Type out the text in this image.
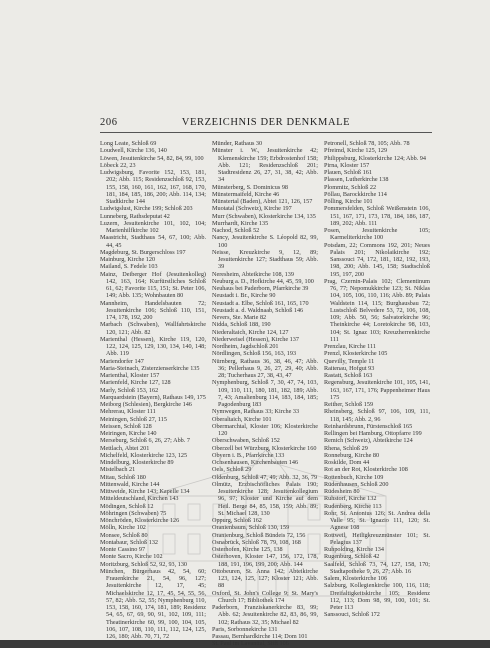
206	VERZEICHNIS DER DENKMALE

Long Leate, Schloß 69

Loudwell, Kirche 136, 140

Löwen, Jesuitenkirche 54, 82, 84, 99, 100

Löbeck 22, 23

Ludwigsburg, Favorite 152, 153, 181, 202; Abb. 115; Residenzschloß 92, 153, 155, 158, 160, 161, 162, 167, 168, 170, 181, 184, 185, 186, 200; Abb. 114, 134; Stadtkirche 144

Ludwigslust, Kirche 199; Schloß 203

Lunneberg, Rathsdeputat 42

Luzern, Jesuitenkirche 101, 102, 104; Marienhilfkirche 102

Maastricht, Stadthaus 54, 67, 100; Abb. 44, 45

Magdeburg, St. Burgerschloss 197

Mainburg, Kirche 120

Mailand, S. Fedele 103

Mainz, Deiberger Hof (Jesuitenkolleg) 142, 163, 164; Kurfürstliches Schloß 61, 62; Favorite 115, 151; St. Peter 106, 149; Abb. 135; Wohnbauten 80

Mannheim, Handelsbauten 72; Jesuitenkirche 106; Schloß 110, 151, 174, 178, 192, 200

Marbach (Schwaben), Wallfahrtskirche 120, 121; Abb. 82

Marienthal (Hessen), Kirche 119, 120, 122, 124, 125, 129, 130, 134, 140, 148; Abb. 119

Mariendorfer 147

Maria-Steinach, Zisterzienserkirche 135

Marienthal, Kloster 157

Marienfeld, Kirche 127, 128

Marly, Schloß 153, 162

Marquardstein (Bayern), Rathaus 149, 175

Meiborg (Schlesien), Bergkirche 146

Mehrerau, Kloster 111

Meiningen, Schloß 27, 115

Meissen, Schloß 128

Meiringen, Kirche 140

Merseburg, Schloß 6, 26, 27; Abb. 7

Mettlach, Abtei 201

Michelfeld, Klosterkirche 123, 125

Mindelburg, Klosterkirche 89

Mistelbach 21

Mitau, Schloß 180

Mittenwald, Kirche 144

Mittweide, Kirche 143; Kapelle 134

Mitteldeutschland, Kirchen 143

Mödingen, Schloß 12

Möhringen (Schwaben) 75

Mönchröden, Klosterkirche 126

Mölln, Kirche 102

Monsee, Schloß 80

Montabaur, Schloß 132

Monte Cassino 97

Monte Sacro, Kirche 102

Moritzburg, Schloß 52, 92, 93, 130

München, Bürgerhaus 42, 54, 60; Frauenkirche 21, 54, 96, 127; Jesuitenkirche 12, 17, 45; Michaelskirche 12, 17, 45, 54, 55, 56, 57, 82; Abb. 52, 55; Nymphenburg 110, 153, 158, 160, 174, 181, 189; Residenz 54, 65, 67, 69, 90, 91, 102, 109, 111; Theatinerkirche 60, 99, 100, 104, 105, 106, 107, 108, 110, 111, 112, 124, 125, 126, 180; Abb. 70, 71, 72

Münder, Rathaus 30

Münster i. W., Jesuitenkirche 42; Klemenskirche 159; Erbdrostenhof 158; Abb. 121; Residenzschloß 201; Stadtresidenz 26, 27, 31, 38, 42; Abb. 34

Münsterberg, S. Dominicus 98

Münstermaifeld, Kirche 46

Münstertal (Baden), Abtei 121, 126, 157

Muotatal (Schweiz), Kirche 197

Murr (Schwaben), Klosterkirche 134, 135

Murrhardt, Kirche 135

Nachod, Schloß 52

Nancy, Jesuitenkirche S. Léopold 82, 99, 100

Neisse, Kreuzkirche 9, 12, 89; Jesuitenkirche 127; Stadthaus 59; Abb. 39

Neresheim, Abteikirche 108, 139

Neuburg a. D., Hofkirche 44, 45, 59, 100

Neuhaus bei Paderborn, Pfarrkirche 39

Neustadt i. Br., Kirche 90

Neustadt a. Elbe, Schloß 161, 165, 170

Neustadt a. d. Waldnaab, Schloß 146

Nevers, Ste. Marie 82

Nidda, Schloß 188, 190

Niederaltaich, Kirche 124, 127

Niederweisel (Hessen), Kirche 137

Nordheim, Jagdschloß 201

Nördlingen, Schloß 156, 163, 193

Nürnberg, Rathaus 36, 38, 46, 47; Abb. 36; Pellerhaus 9, 26, 27, 29, 40; Abb. 28; Tucherhaus 27, 38, 43, 47

Nymphenburg, Schloß 7, 30, 47, 74, 103, 109, 110, 111, 180, 181, 182, 189; Abb. 7, 43; Amalienburg 114, 183, 184, 185; Pagodenburg 183

Nymwegen, Rathaus 33; Kirche 33

Oberaltaich, Kirche 101

Obermarchtal, Kloster 106; Klosterkirche 120

Oberschwaben, Schloß 152

Oberzell bei Würzburg, Klosterkirche 160

Obyern i. B., Pfarrkirche 133

Ochsenhausen, Kirchenbauten 146

Oels, Schloß 29

Oldenburg, Schloß 47, 49; Abb. 32, 36, 79

Olmütz, Erzbischöfliches Palais 190; Jesuitenkirche 128; Jesuitenkollegium 96, 97; Kloster und Kirche auf dem Heil. Berge 84, 85, 158, 159; Abb. 89; St. Michael 128, 130

Oppurg, Schloß 162

Oranienbaum, Schloß 130, 159

Oranienburg, Schloß Bündeis 72, 156

Osnabrück, Schloß 78, 79, 108, 168

Osterhofen, Kirche 125, 138

Osterhoven, Kloster 147, 156, 172, 178, 188, 191, 196, 199, 200; Abb. 144

Ottobeuren, St. Anna 142; Abteikirche 123, 124, 125, 127; Kloster 121; Abb. 88

Oxford, St. John's College 9; St. Mary's Church 17; Bibliothek 174

Paderborn, Franziskanerkirche 83, 99; Abb. 62; Jesuitenkirche 82, 83, 86, 99, 102; Rathaus 32, 35; Michael 82

Paris, Sorbonnekirche 131

Passau, Bernhardkirche 114; Dom 101

St. Paul im Lavanttal, Stift 106

Petronell, Schloß 78, 105; Abb. 78

Pfreimd, Kirche 125, 129

Philippsburg, Klosterkirche 124; Abb. 94

Pirna, Kloster 157

Plauen, Schloß 161

Plassen, Lutherkirche 138

Plommitz, Schloß 22

Pöllau, Barockkirche 114

Pölling, Kirche 101

Pommersfelden, Schloß Weißenstein 106, 151, 167, 171, 173, 178, 184, 186, 187, 189, 202; Abb. 111

Posen, Jesuitenkirche 105; Karmeliterkirche 100

Potsdam, 22; Commons 192, 201; Neues Palais 201; Nikolaikirche 192; Sanssouci 74, 172, 181, 182, 192, 193, 198, 200; Abb. 145, 158; Stadtschloß 195, 197, 200

Prag, Czernin-Palais 102; Clementinum 76, 77; Nepomukkirche 123; St. Niklas 104, 105, 106, 110, 116; Abb. 89; Palais Waldstein 114, 115; Burghausbau 72; Lustschloß Belvedere 53, 72, 106, 108, 109; Abb. 50, 56; Salvatorkirche 96; Theinkirche 44; Loretokirche 98, 103, 104; St. Ignaz 103; Kreuzherrenkirche 111

Prenzlau, Kirche 111

Prenzl, Klosterkirche 105

Quevilly, Temple 11

Raitenau, Hofgut 93

Rastatt, Schloß 163

Regensburg, Jesuitenkirche 101, 105, 141, 163, 167, 171, 176; Pappenheimer Haus 175

Reither, Schloß 159

Rheinsberg, Schloß 97, 106, 109, 111, 118, 145; Abb. 2, 96

Reinhardsbrunn, Fürstenschloß 165

Rellingen bei Hamburg, Ottopfarre 199

Remich (Schweiz), Abteikirche 124

Rhena, Schloß 29

Ronneburg, Kirche 80

Roskilde, Dom 44

Rot an der Rot, Klosterkirche 108

Rottenbuch, Kirche 109

Rüdenhausen, Schloß 200

Rüdesheim 80

Ruhstorf, Kirche 132

Rudenberg, Kirche 113

Rohr, St. Antonius 126; St. Andrea della Valle 95; St. Ignazio 111, 120; St. Agnese 108

Rottweil, Heiligkreuzmünster 101; St. Pelagius 137

Ruhpolding, Kirche 134

Rugenburg, Schloß 42

Saalfeld, Schloß 73, 74, 127, 158, 170; Stadtapotheke 9, 26, 27; Abb. 16

Salem, Klosterkirche 106

Salzburg, Kollegienkirche 100, 116, 118; Dreifaltigkeitskirche 105; Residenz 112, 113; Dom 98, 99, 100, 101; St. Peter 113

Sanssouci, Schloß 172
